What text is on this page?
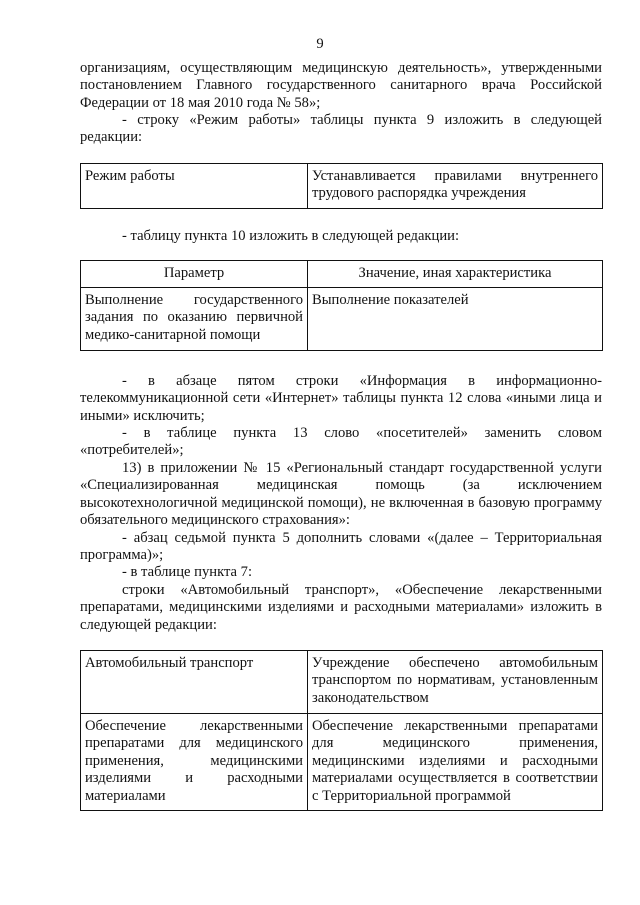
9

организациям, осуществляющим медицинскую деятельность», утвержденными постановлением Главного государственного санитарного врача Российской Федерации от 18 мая 2010 года № 58»;

- строку «Режим работы» таблицы пункта 9 изложить в следующей редакции:

Режим работы	Устанавливается правилами внутреннего трудового распорядка учреждения

- таблицу пункта 10 изложить в следующей редакции:

Параметр	Значение, иная характеристика
Выполнение государственного задания по оказанию первичной медико-санитарной помощи	Выполнение показателей

- в абзаце пятом строки «Информация в информационно-телекоммуникационной сети «Интернет» таблицы пункта 12 слова «иными лица и иными» исключить;

- в таблице пункта 13 слово «посетителей» заменить словом «потребителей»;

13) в приложении № 15 «Региональный стандарт государственной услуги «Специализированная медицинская помощь (за исключением высокотехнологичной медицинской помощи), не включенная в базовую программу обязательного медицинского страхования»:

- абзац седьмой пункта 5 дополнить словами «(далее – Территориальная программа)»;

- в таблице пункта 7:

строки «Автомобильный транспорт», «Обеспечение лекарственными препаратами, медицинскими изделиями и расходными материалами» изложить в следующей редакции:

Автомобильный транспорт	Учреждение обеспечено автомобильным транспортом по нормативам, установленным законодательством
Обеспечение лекарственными препаратами для медицинского применения, медицинскими изделиями и расходными материалами	Обеспечение лекарственными препаратами для медицинского применения, медицинскими изделиями и расходными материалами осуществляется в соответствии с Территориальной программой
